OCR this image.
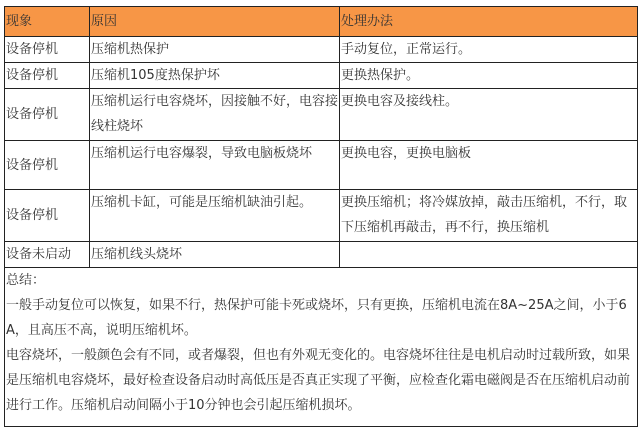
现象	原因	处理办法
设备停机	压缩机热保护	手动复位，正常运行。
设备停机	压缩机105度热保护坏	更换热保护。
设备停机	压缩机运行电容烧坏，因接触不好，电容接线柱烧坏	更换电容及接线柱。
设备停机	压缩机运行电容爆裂，导致电脑板烧坏	更换电容，更换电脑板
设备停机	压缩机卡缸，可能是压缩机缺油引起。	更换压缩机；将冷媒放掉，敲击压缩机，不行，取下压缩机再敲击，再不行，换压缩机
设备未启动	压缩机线头烧坏	

总结：

一般手动复位可以恢复，如果不行，热保护可能卡死或烧坏，只有更换，压缩机电流在8A~25A之间，小于6A，且高压不高，说明压缩机坏。

电容烧坏，一般颜色会有不同，或者爆裂，但也有外观无变化的。电容烧坏往往是电机启动时过载所致，如果是压缩机电容烧坏，最好检查设备启动时高低压是否真正实现了平衡，应检查化霜电磁阀是否在压缩机启动前进行工作。压缩机启动间隔小于10分钟也会引起压缩机损坏。		
